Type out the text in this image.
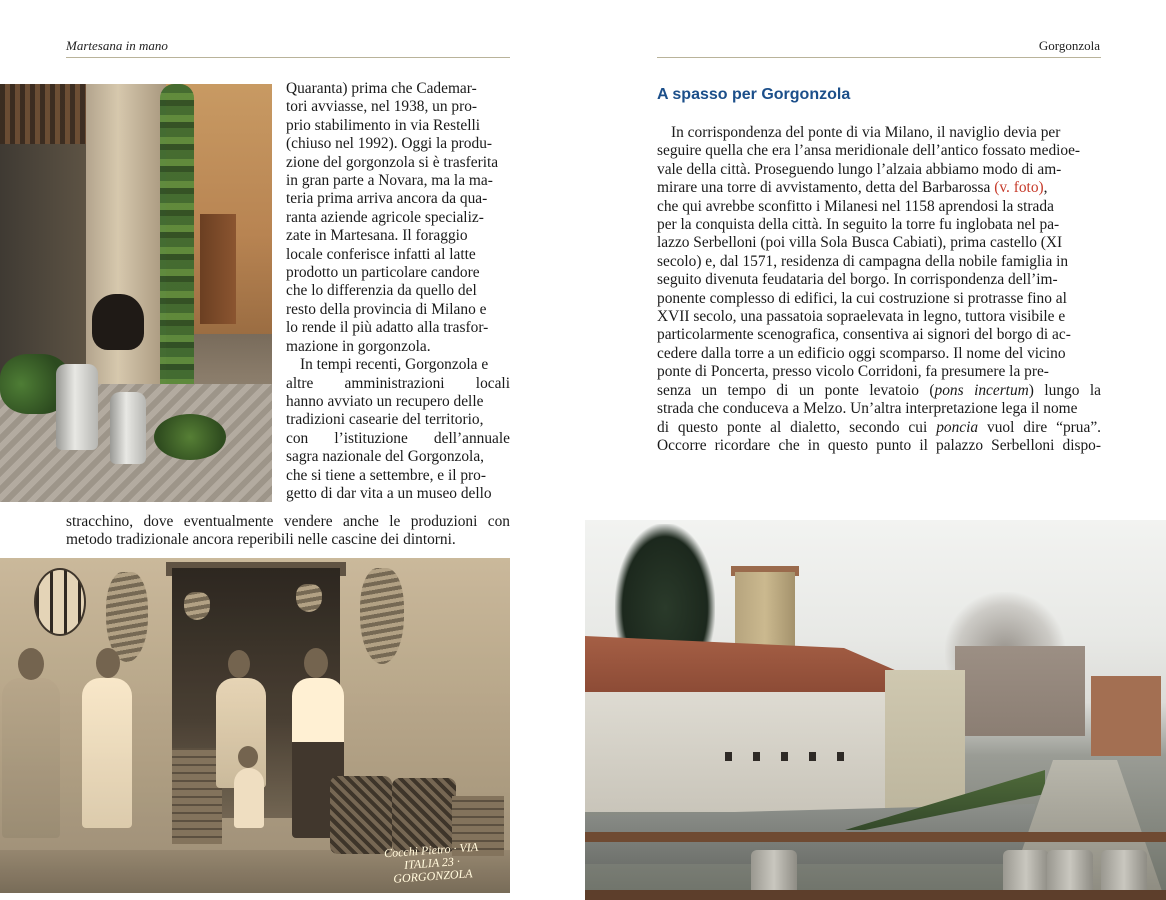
Martesana in mano

Quaranta) prima che Cademar-

tori avviasse, nel 1938, un pro-

prio stabilimento in via Restelli

(chiuso nel 1992). Oggi la produ-

zione del gorgonzola si è trasferita

in gran parte a Novara, ma la ma-

teria prima arriva ancora da qua-

ranta aziende agricole specializ-

zate in Martesana. Il foraggio

locale conferisce infatti al latte

prodotto un particolare candore

che lo differenzia da quello del

resto della provincia di Milano e

lo rende il più adatto alla trasfor-

mazione in gorgonzola.

In tempi recenti, Gorgonzola e

altre amministrazioni locali

hanno avviato un recupero delle

tradizioni casearie del territorio,

con l’istituzione dell’annuale

sagra nazionale del Gorgonzola,

che si tiene a settembre, e il pro-

getto di dar vita a un museo dello

stracchino, dove eventualmente vendere anche le produzioni con

metodo tradizionale ancora reperibili nelle cascine dei dintorni.

Cocchi Pietro · VIA ITALIA 23 · GORGONZOLA
Gorgonzola
A spasso per Gorgonzola

In corrispondenza del ponte di via Milano, il naviglio devia per

seguire quella che era l’ansa meridionale dell’antico fossato medioe-

vale della città. Proseguendo lungo l’alzaia abbiamo modo di am-

mirare una torre di avvistamento, detta del Barbarossa (v. foto),

che qui avrebbe sconfitto i Milanesi nel 1158 aprendosi la strada

per la conquista della città. In seguito la torre fu inglobata nel pa-

lazzo Serbelloni (poi villa Sola Busca Cabiati), prima castello (XI

secolo) e, dal 1571, residenza di campagna della nobile famiglia in

seguito divenuta feudataria del borgo. In corrispondenza dell’im-

ponente complesso di edifici, la cui costruzione si protrasse fino al

XVII secolo, una passatoia sopraelevata in legno, tuttora visibile e

particolarmente scenografica, consentiva ai signori del borgo di ac-

cedere dalla torre a un edificio oggi scomparso. Il nome del vicino

ponte di Poncerta, presso vicolo Corridoni, fa presumere la pre-

senza un tempo di un ponte levatoio (pons incertum) lungo la

strada che conduceva a Melzo. Un’altra interpretazione lega il nome

di questo ponte al dialetto, secondo cui poncia vuol dire “prua”.

Occorre ricordare che in questo punto il palazzo Serbelloni dispo-
